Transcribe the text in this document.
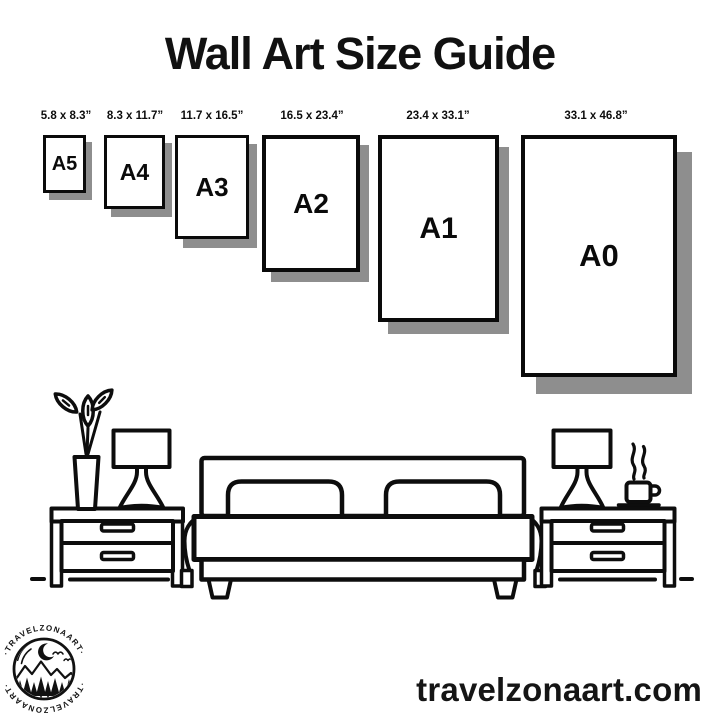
Wall Art Size Guide
5.8 x 8.3” 8.3 x 11.7” 11.7 x 16.5”	16.5 x 23.4”	23.4 x 33.1”	33.1 x 46.8”
A5 A4 A3
A2
A1
A0
·TRAVELZONAART·
·TRAVELZONAART·	travelzonaart.com
